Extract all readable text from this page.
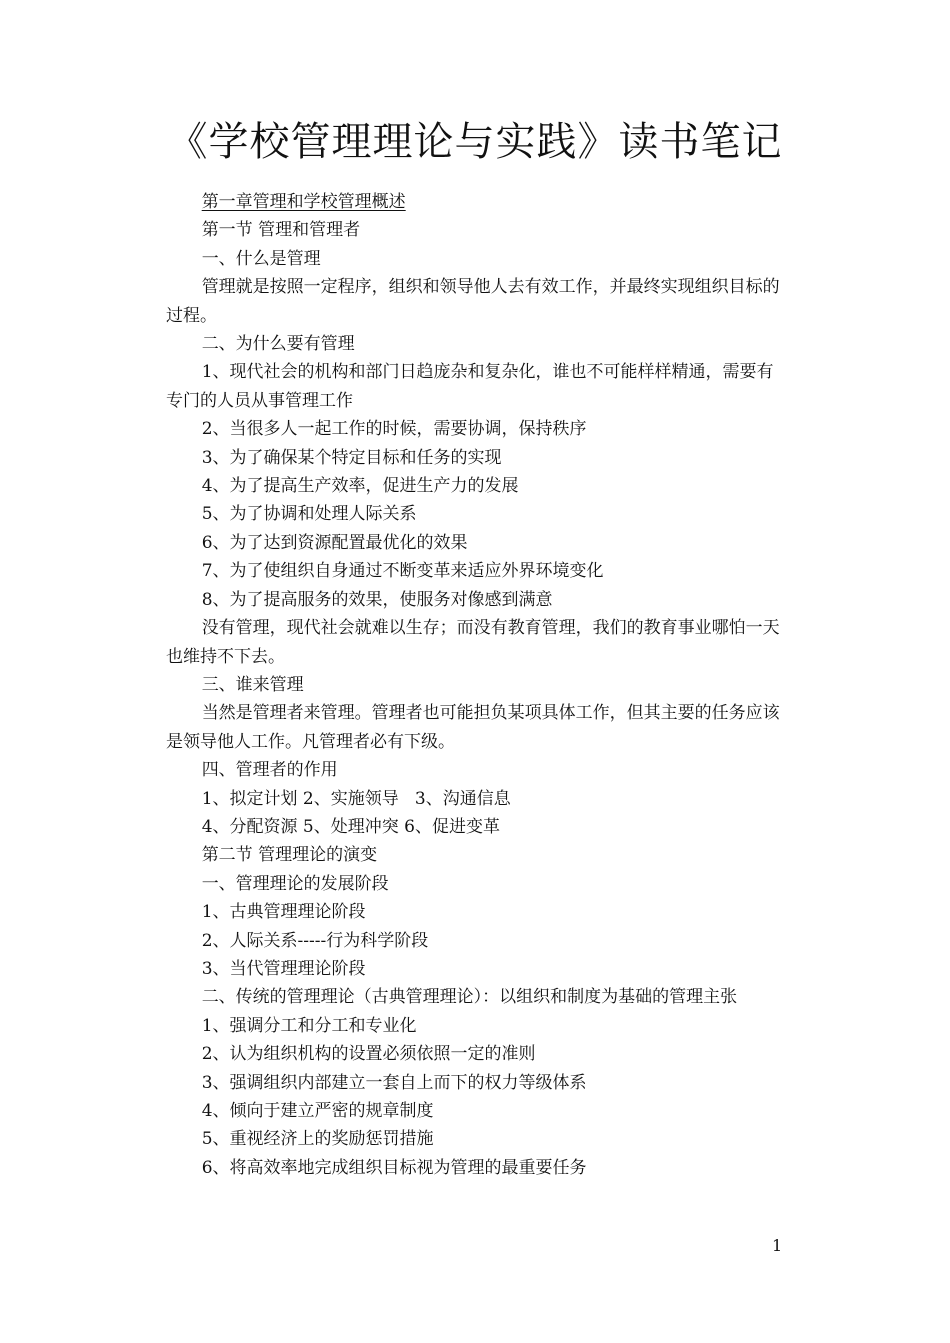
《学校管理理论与实践》读书笔记

第一章管理和学校管理概述

第一节 管理和管理者

一、什么是管理

管理就是按照一定程序，组织和领导他人去有效工作，并最终实现组织目标的过程。

二、为什么要有管理

1、现代社会的机构和部门日趋庞杂和复杂化，谁也不可能样样精通，需要有专门的人员从事管理工作

2、当很多人一起工作的时候，需要协调，保持秩序

3、为了确保某个特定目标和任务的实现

4、为了提高生产效率，促进生产力的发展

5、为了协调和处理人际关系

6、为了达到资源配置最优化的效果

7、为了使组织自身通过不断变革来适应外界环境变化

8、为了提高服务的效果，使服务对像感到满意

没有管理，现代社会就难以生存；而没有教育管理，我们的教育事业哪怕一天也维持不下去。

三、谁来管理

当然是管理者来管理。管理者也可能担负某项具体工作，但其主要的任务应该是领导他人工作。凡管理者必有下级。

四、管理者的作用

1、拟定计划 2、实施领导   3、沟通信息

4、分配资源 5、处理冲突 6、促进变革

第二节 管理理论的演变

一、管理理论的发展阶段

1、古典管理理论阶段

2、人际关系-----行为科学阶段

3、当代管理理论阶段

二、传统的管理理论（古典管理理论）：以组织和制度为基础的管理主张

1、强调分工和分工和专业化

2、认为组织机构的设置必须依照一定的准则

3、强调组织内部建立一套自上而下的权力等级体系

4、倾向于建立严密的规章制度

5、重视经济上的奖励惩罚措施

6、将高效率地完成组织目标视为管理的最重要任务

1
